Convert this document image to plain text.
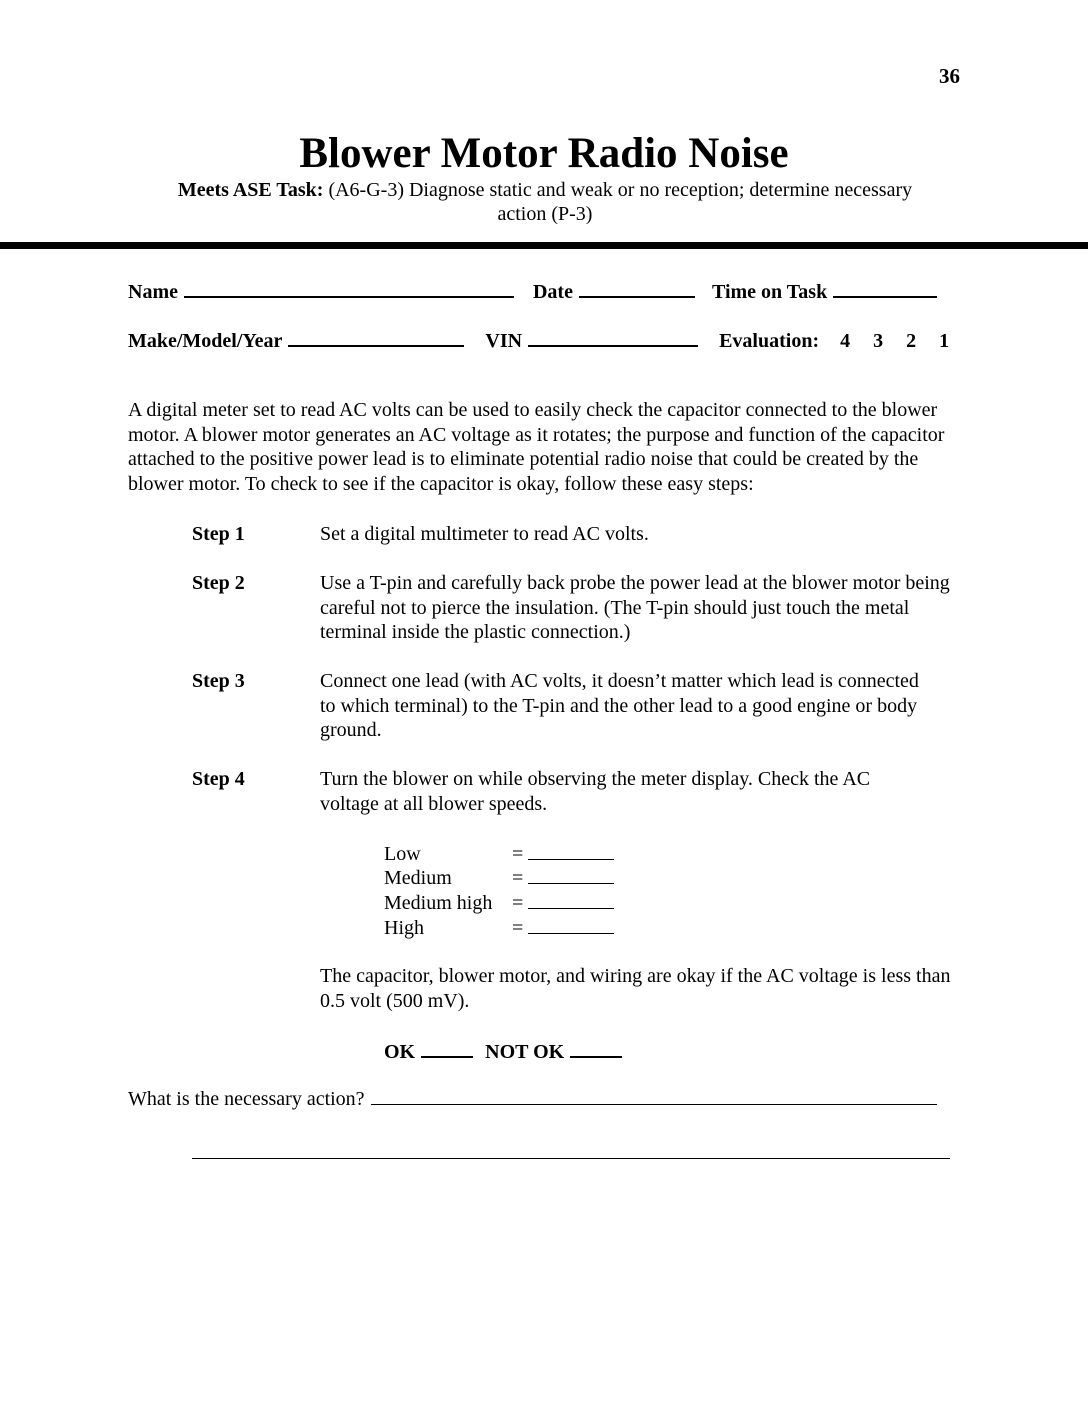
36
Blower Motor Radio Noise
Meets ASE Task: (A6-G-3) Diagnose static and weak or no reception; determine necessary
action (P-3)
Name	Date	Time on Task
Make/Model/Year	VIN	Evaluation: 4 3 2 1
A digital meter set to read AC volts can be used to easily check the capacitor connected to the blower motor. A blower motor generates an AC voltage as it rotates; the purpose and function of the capacitor attached to the positive power lead is to eliminate potential radio noise that could be created by the blower motor. To check to see if the capacitor is okay, follow these easy steps:
Step 1	Set a digital multimeter to read AC volts.
Step 2	Use a T-pin and carefully back probe the power lead at the blower motor being careful not to pierce the insulation. (The T-pin should just touch the metal terminal inside the plastic connection.)
Step 3	Connect one lead (with AC volts, it doesn’t matter which lead is connected to which terminal) to the T-pin and the other lead to a good engine or body ground.
Step 4	Turn the blower on while observing the meter display. Check the AC voltage at all blower speeds.
Low	=
Medium	=
Medium high =
High	=
The capacitor, blower motor, and wiring are okay if the AC voltage is less than 0.5 volt (500 mV).
OK	NOT OK
What is the necessary action?
